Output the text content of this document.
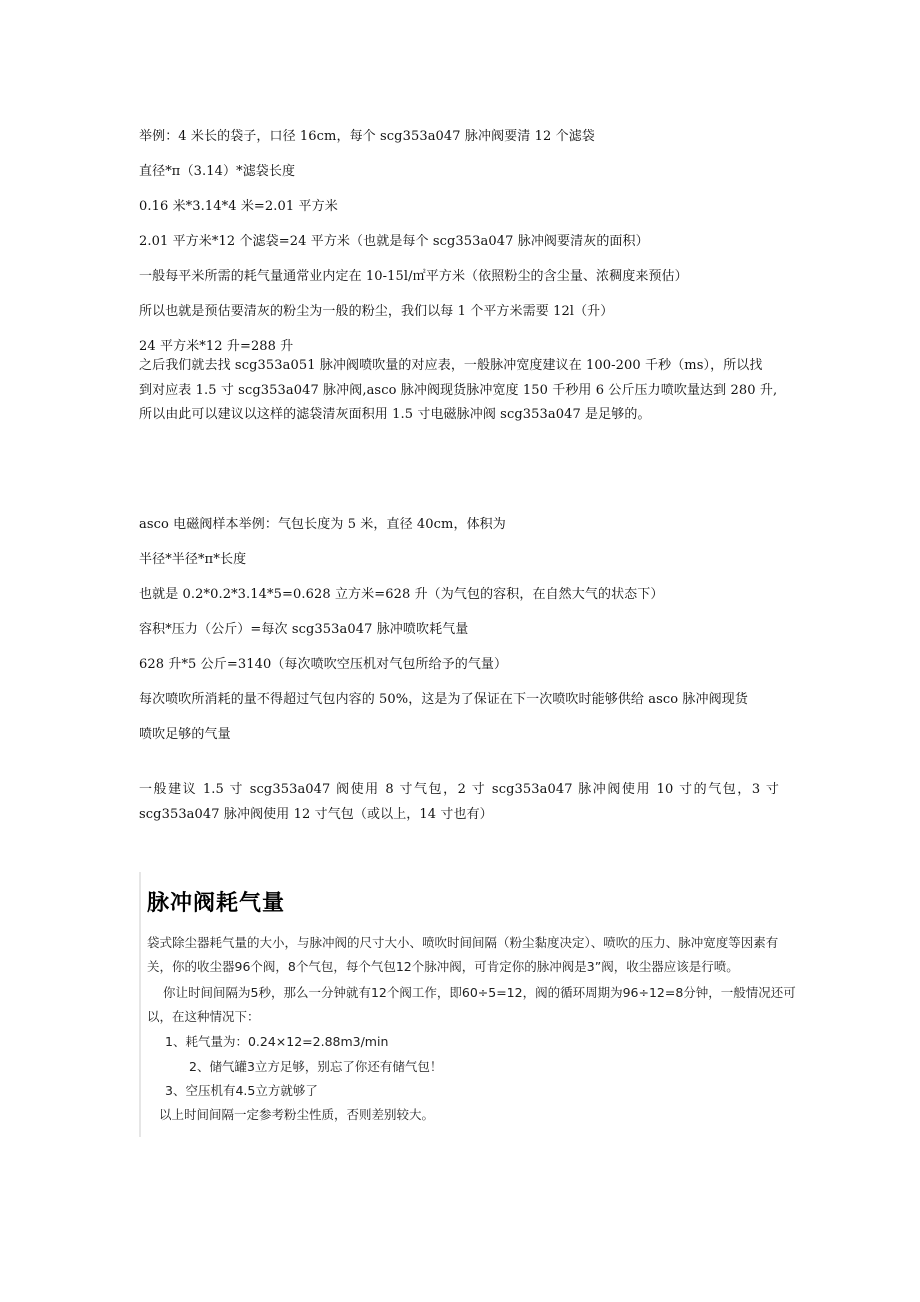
举例：4 米长的袋子，口径 16cm，每个 scg353a047 脉冲阀要清 12 个滤袋
直径*п（3.14）*滤袋长度
0.16 米*3.14*4 米=2.01 平方米
2.01 平方米*12 个滤袋=24 平方米（也就是每个 scg353a047 脉冲阀要清灰的面积）
一般每平米所需的耗气量通常业内定在 10-15l/㎡平方米（依照粉尘的含尘量、浓稠度来预估）
所以也就是预估要清灰的粉尘为一般的粉尘，我们以每 1 个平方米需要 12l（升）
24 平方米*12 升=288 升
之后我们就去找 scg353a051 脉冲阀喷吹量的对应表，一般脉冲宽度建议在 100-200 千秒（ms），所以找
到对应表 1.5 寸 scg353a047 脉冲阀,asco 脉冲阀现货脉冲宽度 150 千秒用 6 公斤压力喷吹量达到 280 升,
所以由此可以建议以这样的滤袋清灰面积用 1.5 寸电磁脉冲阀 scg353a047 是足够的。
asco 电磁阀样本举例：气包长度为 5 米，直径 40cm，体积为
半径*半径*п*长度
也就是 0.2*0.2*3.14*5=0.628 立方米=628 升（为气包的容积，在自然大气的状态下）
容积*压力（公斤）=每次 scg353a047 脉冲喷吹耗气量
628 升*5 公斤=3140（每次喷吹空压机对气包所给予的气量）
每次喷吹所消耗的量不得超过气包内容的 50%，这是为了保证在下一次喷吹时能够供给 asco 脉冲阀现货
喷吹足够的气量
一般建议 1.5 寸 scg353a047 阀使用 8 寸气包，2 寸 scg353a047 脉冲阀使用 10 寸的气包，3 寸
scg353a047 脉冲阀使用 12 寸气包（或以上，14 寸也有）
脉冲阀耗气量
袋式除尘器耗气量的大小，与脉冲阀的尺寸大小、喷吹时间间隔（粉尘黏度决定）、喷吹的压力、脉冲宽度等因素有
关，你的收尘器96个阀，8个气包，每个气包12个脉冲阀，可肯定你的脉冲阀是3”阀，收尘器应该是行喷。
你让时间间隔为5秒，那么一分钟就有12个阀工作，即60÷5=12，阀的循环周期为96÷12=8分钟，一般情况还可
以，在这种情况下：
1、耗气量为：0.24×12=2.88m3/min
2、储气罐3立方足够，别忘了你还有储气包！
3、空压机有4.5立方就够了
以上时间间隔一定参考粉尘性质，否则差别较大。
